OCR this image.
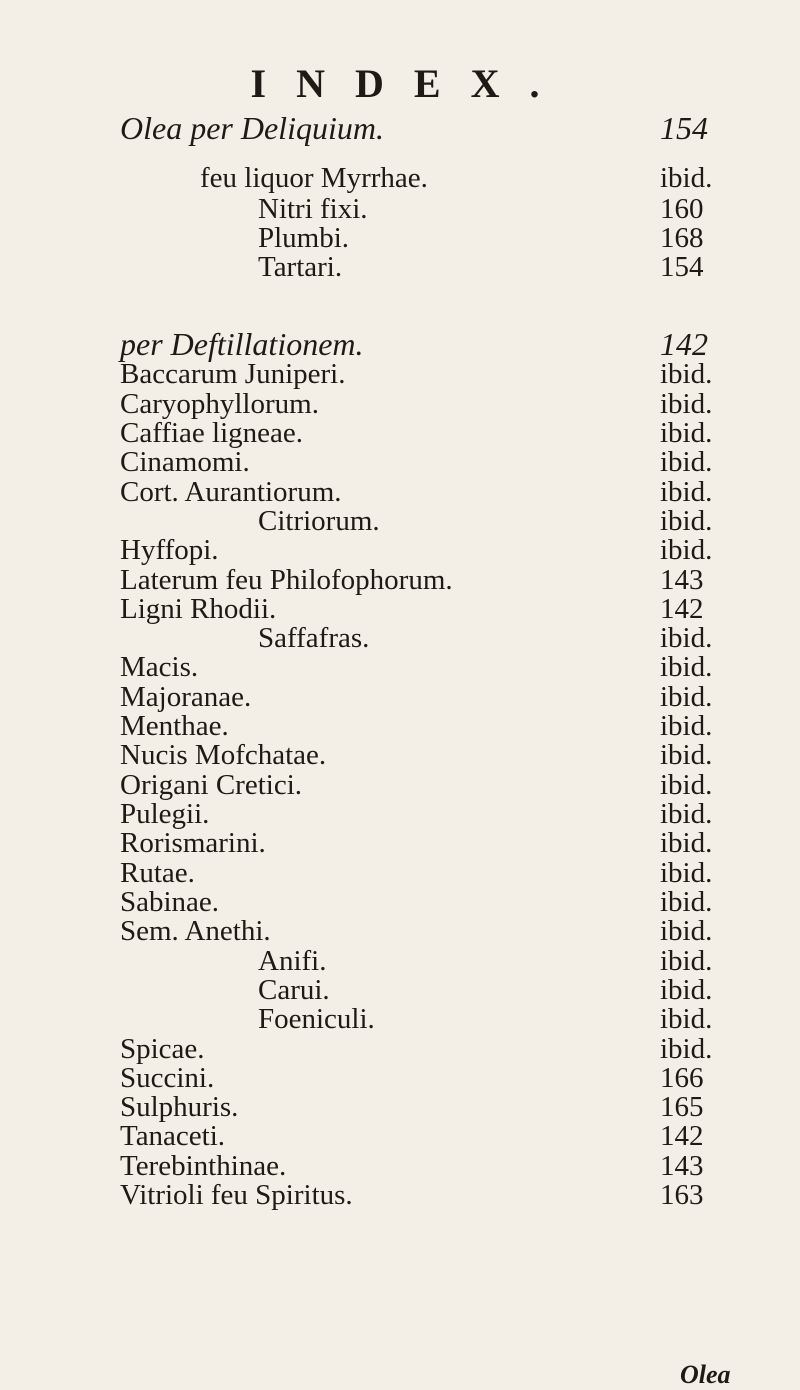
INDEX.
Olea per Deliquium.	154
feu liquor Myrrhae.	ibid.
Nitri fixi.	160
Plumbi.	168
Tartari.	154
per Deftillationem.	142
Baccarum Juniperi.	ibid.
Caryophyllorum.	ibid.
Caffiae ligneae.	ibid.
Cinamomi.	ibid.
Cort. Aurantiorum.	ibid.
Citriorum.	ibid.
Hyffopi.	ibid.
Laterum feu Philofophorum.	143
Ligni Rhodii.	142
Saffafras.	ibid.
Macis.	ibid.
Majoranae.	ibid.
Menthae.	ibid.
Nucis Mofchatae.	ibid.
Origani Cretici.	ibid.
Pulegii.	ibid.
Rorismarini.	ibid.
Rutae.	ibid.
Sabinae.	ibid.
Sem. Anethi.	ibid.
Anifi.	ibid.
Carui.	ibid.
Foeniculi.	ibid.
Spicae.	ibid.
Succini.	166
Sulphuris.	165
Tanaceti.	142
Terebinthinae.	143
Vitrioli feu Spiritus.	163
Olea
